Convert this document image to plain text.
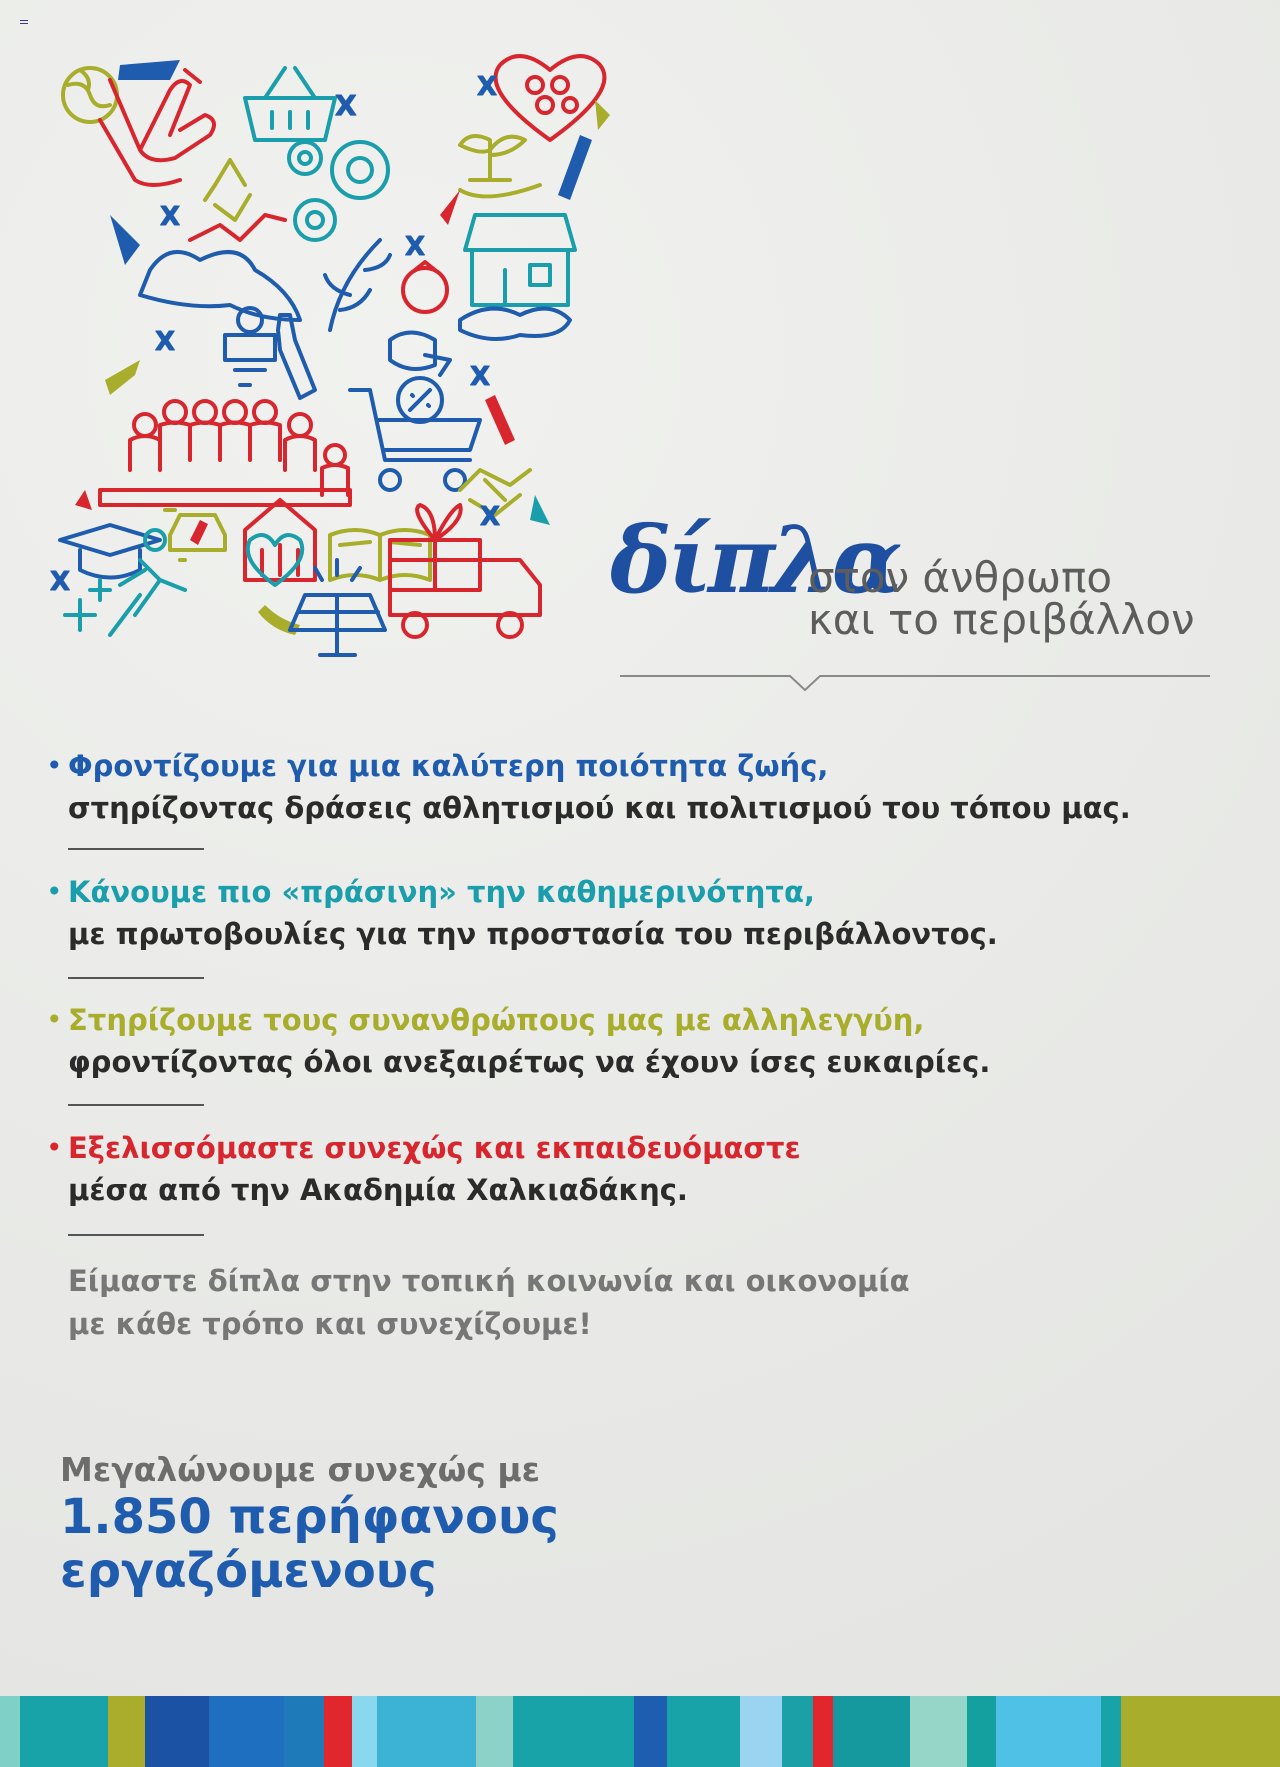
X
X
X
X
X
X
X
X	δίπλα
στον άνθρωπο
και το περιβάλλον
• Φροντίζουμε για μια καλύτερη ποιότητα ζωής,
στηρίζοντας δράσεις αθλητισμού και πολιτισμού του τόπου μας.
• Κάνουμε πιο «πράσινη» την καθημερινότητα,
με πρωτοβουλίες για την προστασία του περιβάλλοντος.
• Στηρίζουμε τους συνανθρώπους μας με αλληλεγγύη,
φροντίζοντας όλοι ανεξαιρέτως να έχουν ίσες ευκαιρίες.
• Εξελισσόμαστε συνεχώς και εκπαιδευόμαστε
μέσα από την Ακαδημία Χαλκιαδάκης.
Είμαστε δίπλα στην τοπική κοινωνία και οικονομία
με κάθε τρόπο και συνεχίζουμε!
Μεγαλώνουμε συνεχώς με
1.850 περήφανους
εργαζόμενους
